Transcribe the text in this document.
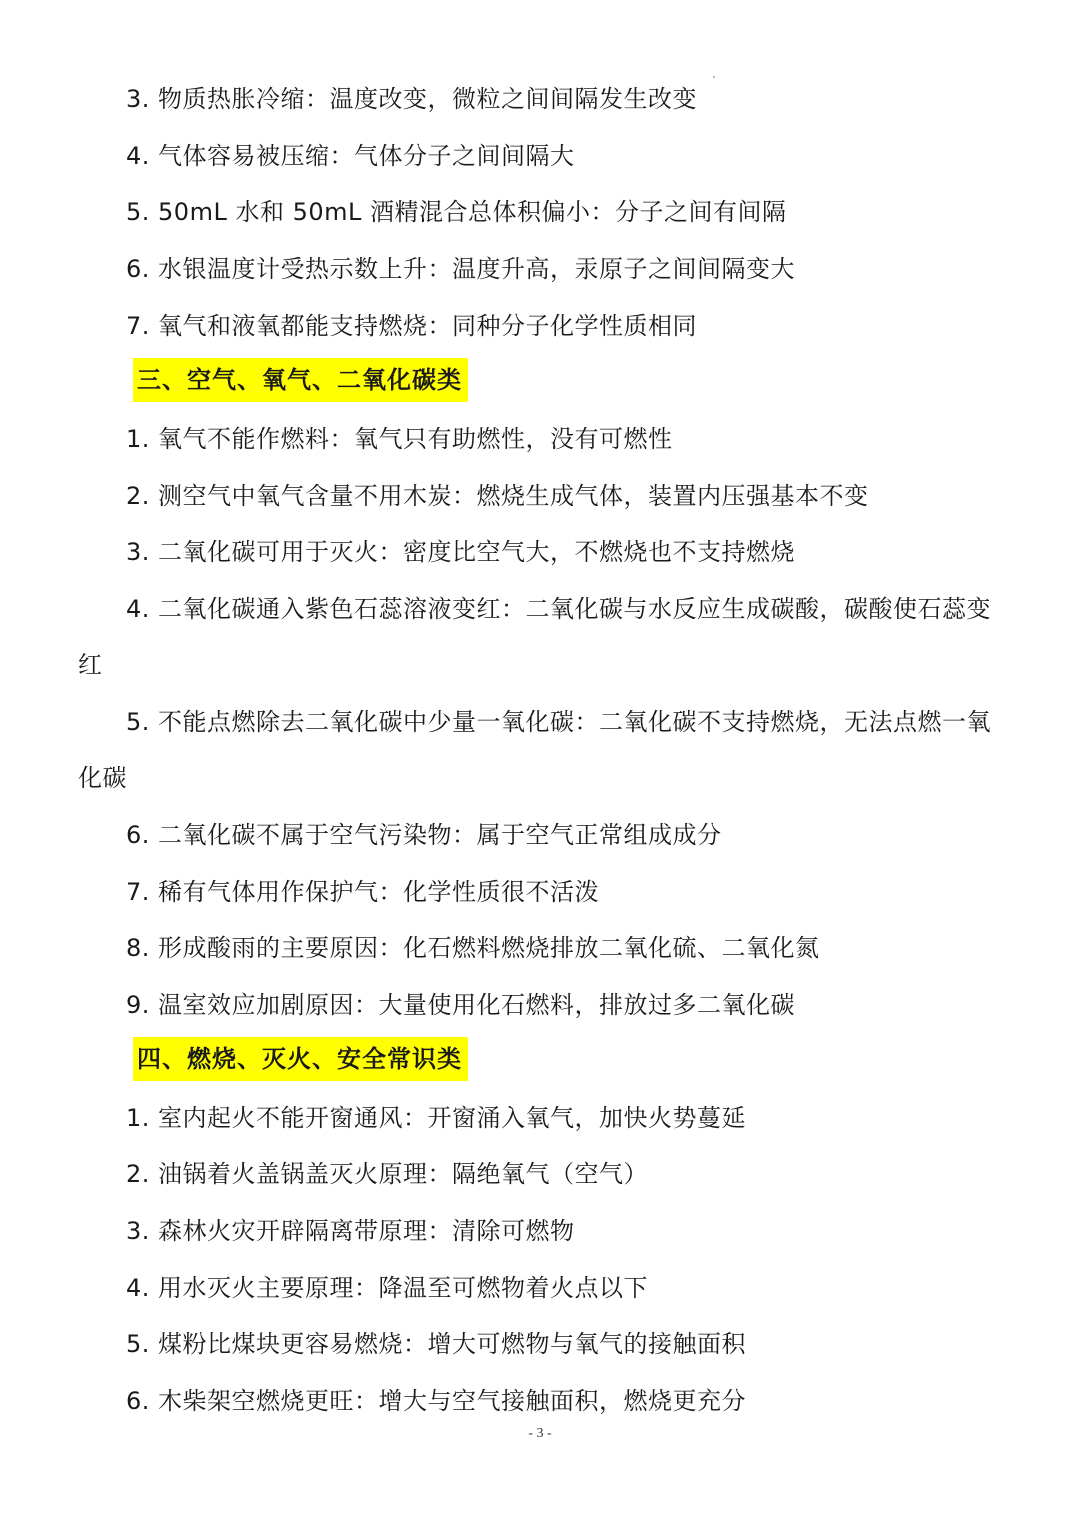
3. 物质热胀冷缩：温度改变，微粒之间间隔发生改变
4. 气体容易被压缩：气体分子之间间隔大
5. 50mL 水和 50mL 酒精混合总体积偏小：分子之间有间隔
6. 水银温度计受热示数上升：温度升高，汞原子之间间隔变大
7. 氧气和液氧都能支持燃烧：同种分子化学性质相同
三、空气、氧气、二氧化碳类
1. 氧气不能作燃料：氧气只有助燃性，没有可燃性
2. 测空气中氧气含量不用木炭：燃烧生成气体，装置内压强基本不变
3. 二氧化碳可用于灭火：密度比空气大，不燃烧也不支持燃烧
4. 二氧化碳通入紫色石蕊溶液变红：二氧化碳与水反应生成碳酸，碳酸使石蕊变
红
5. 不能点燃除去二氧化碳中少量一氧化碳：二氧化碳不支持燃烧，无法点燃一氧
化碳
6. 二氧化碳不属于空气污染物：属于空气正常组成成分
7. 稀有气体用作保护气：化学性质很不活泼
8. 形成酸雨的主要原因：化石燃料燃烧排放二氧化硫、二氧化氮
9. 温室效应加剧原因：大量使用化石燃料，排放过多二氧化碳
四、燃烧、灭火、安全常识类
1. 室内起火不能开窗通风：开窗涌入氧气，加快火势蔓延
2. 油锅着火盖锅盖灭火原理：隔绝氧气（空气）
3. 森林火灾开辟隔离带原理：清除可燃物
4. 用水灭火主要原理：降温至可燃物着火点以下
5. 煤粉比煤块更容易燃烧：增大可燃物与氧气的接触面积
6. 木柴架空燃烧更旺：增大与空气接触面积，燃烧更充分
- 3 -
